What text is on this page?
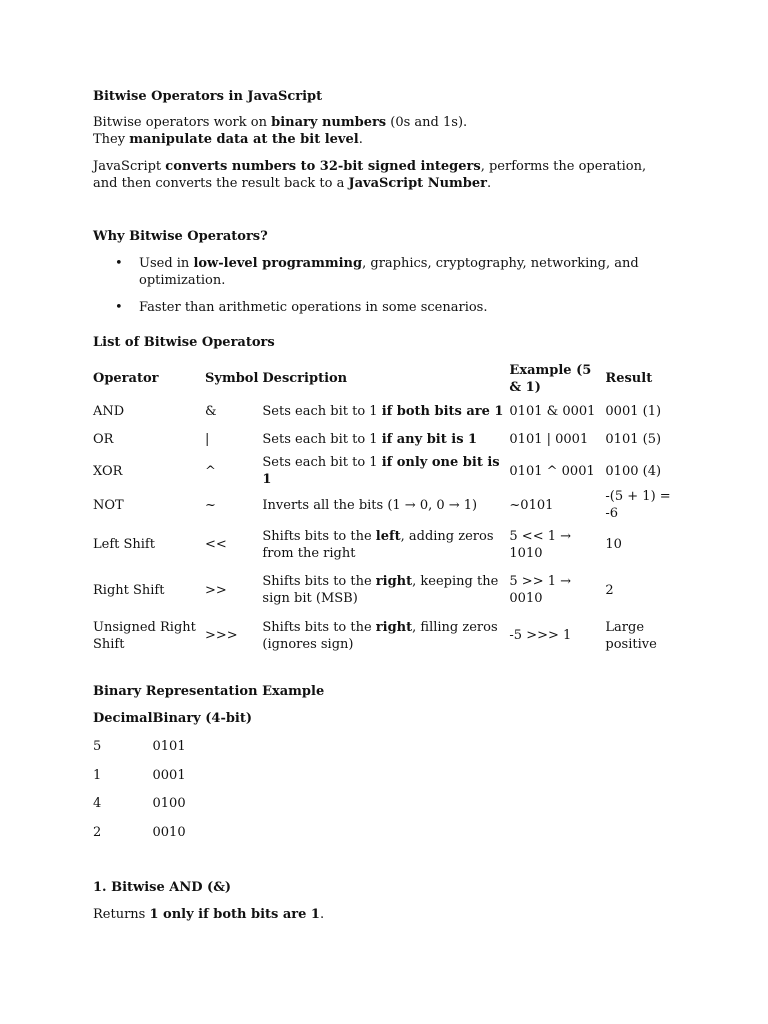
Bitwise Operators in JavaScript

Bitwise operators work on binary numbers (0s and 1s).

They manipulate data at the bit level.

JavaScript converts numbers to 32-bit signed integers, performs the operation, and then converts the result back to a JavaScript Number.

Why Bitwise Operators?

• Used in low-level programming, graphics, cryptography, networking, and optimization.
• Faster than arithmetic operations in some scenarios.

List of Bitwise Operators

Operator	Symbol	Description	Example (5 & 1)	Result
AND	&	Sets each bit to 1 if both bits are 1	0101 & 0001	0001 (1)
OR	|	Sets each bit to 1 if any bit is 1	0101 | 0001	0101 (5)
XOR	^	Sets each bit to 1 if only one bit is 1	0101 ^ 0001	0100 (4)
NOT	~	Inverts all the bits (1 → 0, 0 → 1)	~0101	-(5 + 1) = -6
Left Shift	<<	Shifts bits to the left, adding zeros from the right	5 << 1 → 1010	10
Right Shift	>>	Shifts bits to the right, keeping the sign bit (MSB)	5 >> 1 → 0010	2
Unsigned Right Shift	>>>	Shifts bits to the right, filling zeros (ignores sign)	-5 >>> 1	Large positive

Binary Representation Example

Decimal	Binary (4-bit)
5	0101
1	0001
4	0100
2	0010

1. Bitwise AND (&)

Returns 1 only if both bits are 1.
